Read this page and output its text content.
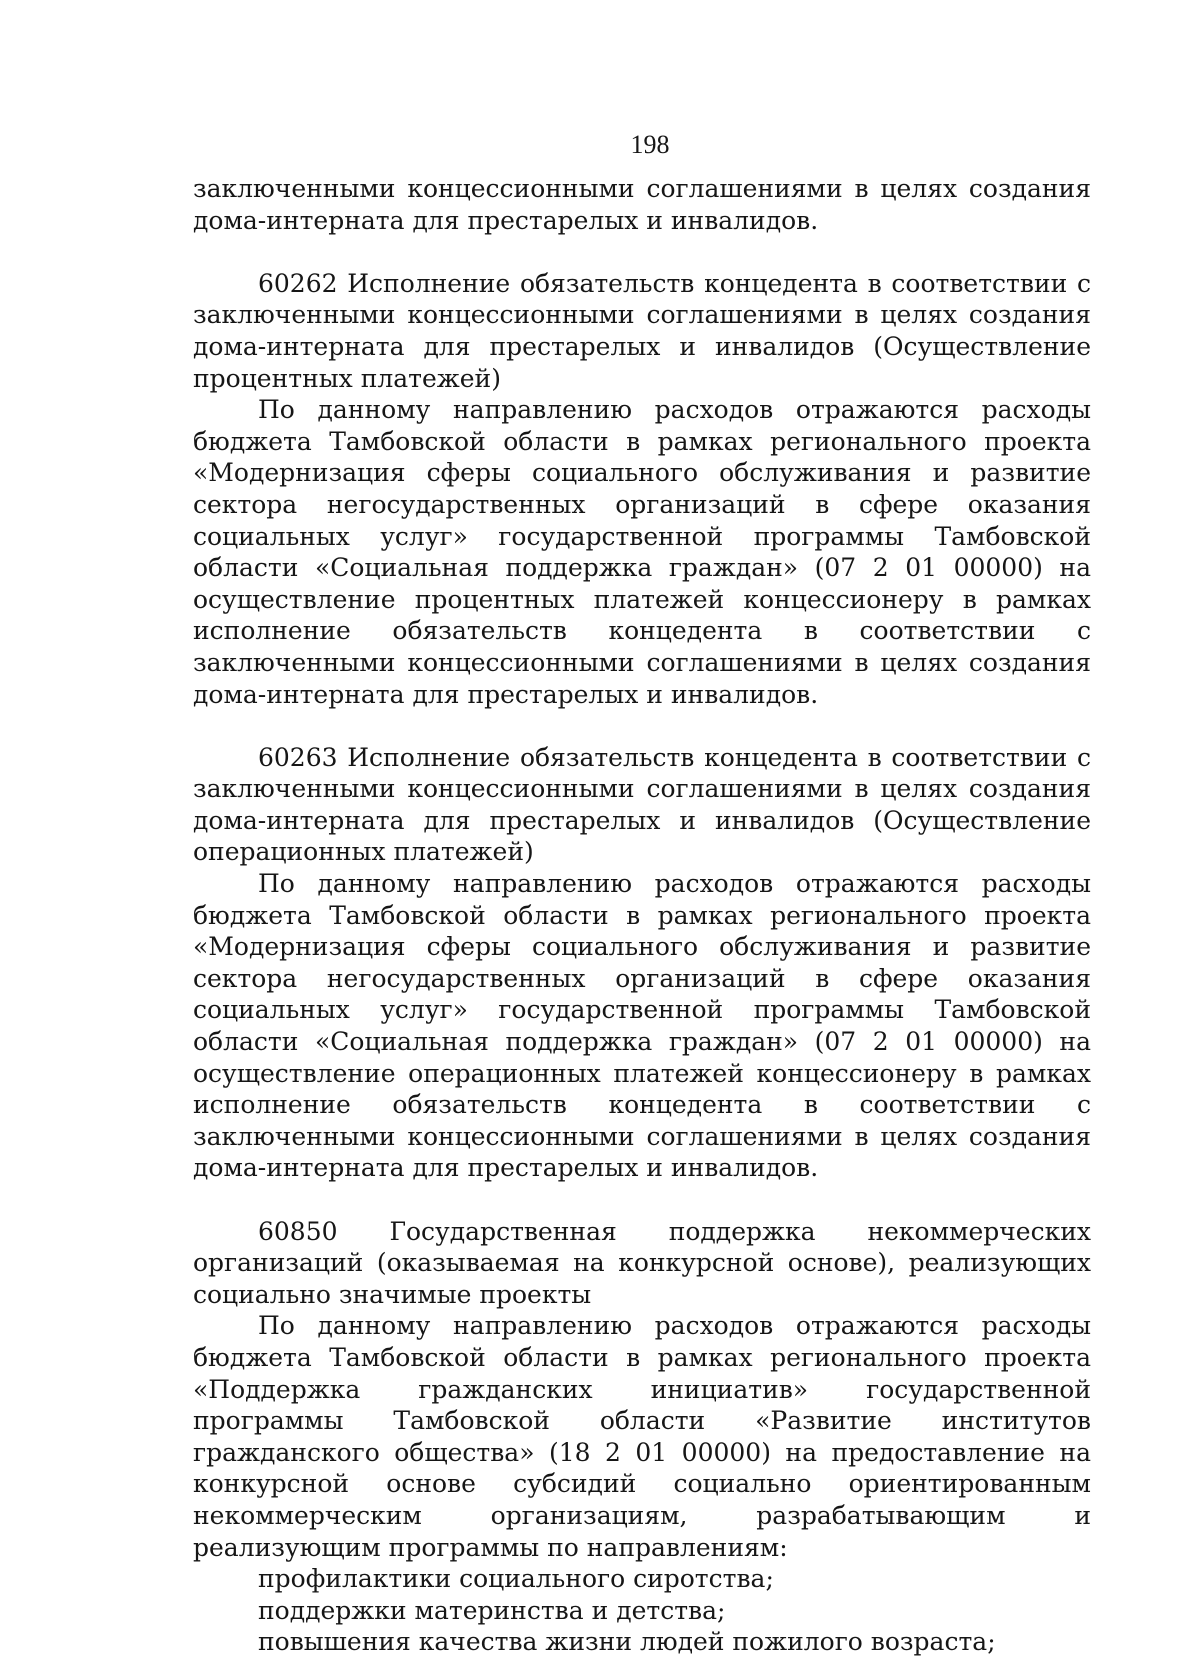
198

заключенными концессионными соглашениями в целях создания дома-интерната для престарелых и инвалидов.

60262 Исполнение обязательств концедента в соответствии с заключенными концессионными соглашениями в целях создания дома-интерната для престарелых и инвалидов (Осуществление процентных платежей)

По данному направлению расходов отражаются расходы бюджета Тамбовской области в рамках регионального проекта «Модернизация сферы социального обслуживания и развитие сектора негосударственных организаций в сфере оказания социальных услуг» государственной программы Тамбовской области «Социальная поддержка граждан» (07 2 01 00000) на осуществление процентных платежей концессионеру в рамках исполнение обязательств концедента в соответствии с заключенными концессионными соглашениями в целях создания дома-интерната для престарелых и инвалидов.

60263 Исполнение обязательств концедента в соответствии с заключенными концессионными соглашениями в целях создания дома-интерната для престарелых и инвалидов (Осуществление операционных платежей)

По данному направлению расходов отражаются расходы бюджета Тамбовской области в рамках регионального проекта «Модернизация сферы социального обслуживания и развитие сектора негосударственных организаций в сфере оказания социальных услуг» государственной программы Тамбовской области «Социальная поддержка граждан» (07 2 01 00000) на осуществление операционных платежей концессионеру в рамках исполнение обязательств концедента в соответствии с заключенными концессионными соглашениями в целях создания дома-интерната для престарелых и инвалидов.

60850 Государственная поддержка некоммерческих организаций (оказываемая на конкурсной основе), реализующих социально значимые проекты

По данному направлению расходов отражаются расходы бюджета Тамбовской области в рамках регионального проекта «Поддержка гражданских инициатив» государственной программы Тамбовской области «Развитие институтов гражданского общества» (18 2 01 00000) на предоставление на конкурсной основе субсидий социально ориентированным некоммерческим организациям, разрабатывающим и реализующим программы по направлениям:

профилактики социального сиротства;

поддержки материнства и детства;

повышения качества жизни людей пожилого возраста;
